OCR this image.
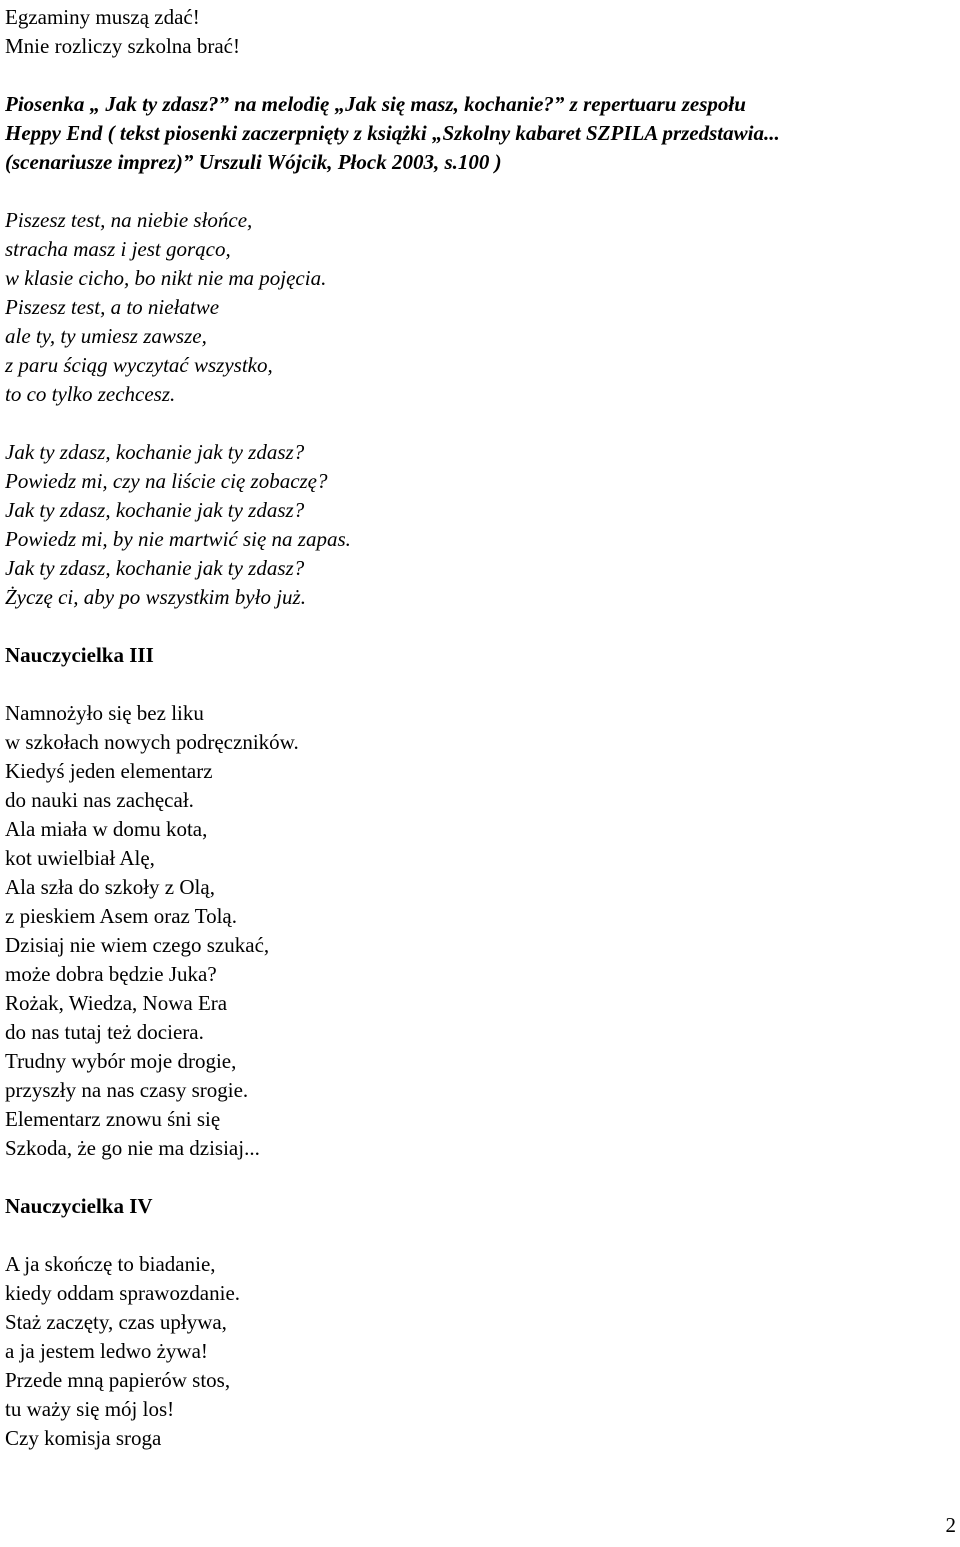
Egzaminy muszą zdać!
Mnie rozliczy szkolna brać!
Piosenka „ Jak ty zdasz?” na melodię „Jak się masz, kochanie?” z repertuaru zespołu
Heppy End ( tekst piosenki zaczerpnięty z książki „Szkolny kabaret SZPILA przedstawia...
(scenariusze imprez)” Urszuli Wójcik, Płock 2003, s.100 )
Piszesz test, na niebie słońce,
stracha masz i jest gorąco,
w klasie cicho, bo nikt nie ma pojęcia.
Piszesz test, a to niełatwe
ale ty, ty umiesz zawsze,
z paru ściąg wyczytać wszystko,
to co tylko zechcesz.
Jak ty zdasz, kochanie jak ty zdasz?
Powiedz mi, czy na liście cię zobaczę?
Jak ty zdasz, kochanie jak ty zdasz?
Powiedz mi, by nie martwić się na zapas.
Jak ty zdasz, kochanie jak ty zdasz?
Życzę ci, aby po wszystkim było już.
Nauczycielka III
Namnożyło się bez liku
w szkołach nowych podręczników.
Kiedyś jeden elementarz
do nauki nas zachęcał.
Ala miała w domu kota,
kot uwielbiał Alę,
Ala szła do szkoły z Olą,
z pieskiem Asem oraz Tolą.
Dzisiaj nie wiem czego szukać,
może dobra będzie Juka?
Rożak, Wiedza, Nowa Era
do nas tutaj też dociera.
Trudny wybór moje drogie,
przyszły na nas czasy srogie.
Elementarz znowu śni się
Szkoda, że go nie ma dzisiaj...
Nauczycielka IV
A ja skończę to biadanie,
kiedy oddam sprawozdanie.
Staż zaczęty, czas upływa,
a ja jestem ledwo żywa!
Przede mną papierów stos,
tu waży się mój los!
Czy komisja sroga
2
